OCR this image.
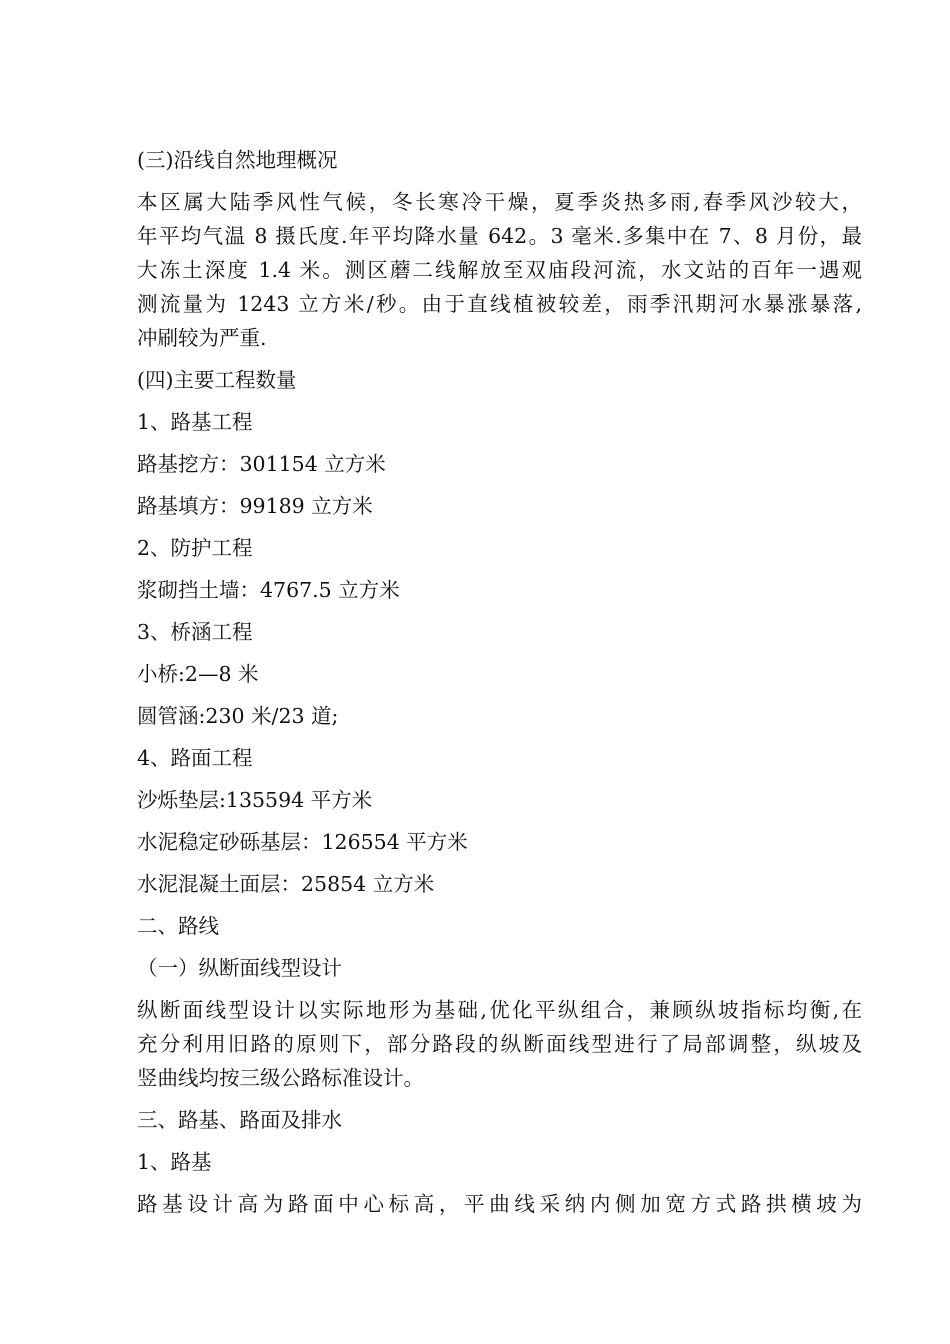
(三)沿线自然地理概况
本区属大陆季风性气候，冬长寒冷干燥，夏季炎热多雨,春季风沙较大，
年平均气温 8 摄氏度.年平均降水量 642。3 毫米.多集中在 7、8 月份，最
大冻土深度 1.4 米。测区蘑二线解放至双庙段河流，水文站的百年一遇观
测流量为 1243 立方米/秒。由于直线植被较差，雨季汛期河水暴涨暴落,
冲刷较为严重.
(四)主要工程数量
1、路基工程
路基挖方：301154 立方米
路基填方：99189 立方米
2、防护工程
浆砌挡土墙：4767.5 立方米
3、桥涵工程
小桥:2—8 米
圆管涵:230 米/23 道;
4、路面工程
沙烁垫层:135594 平方米
水泥稳定砂砾基层：126554 平方米
水泥混凝土面层：25854 立方米
二、路线
（一）纵断面线型设计
纵断面线型设计以实际地形为基础,优化平纵组合，兼顾纵坡指标均衡,在
充分利用旧路的原则下，部分路段的纵断面线型进行了局部调整，纵坡及
竖曲线均按三级公路标准设计。
三、路基、路面及排水
1、路基
路基设计高为路面中心标高，平曲线采纳内侧加宽方式路拱横坡为
